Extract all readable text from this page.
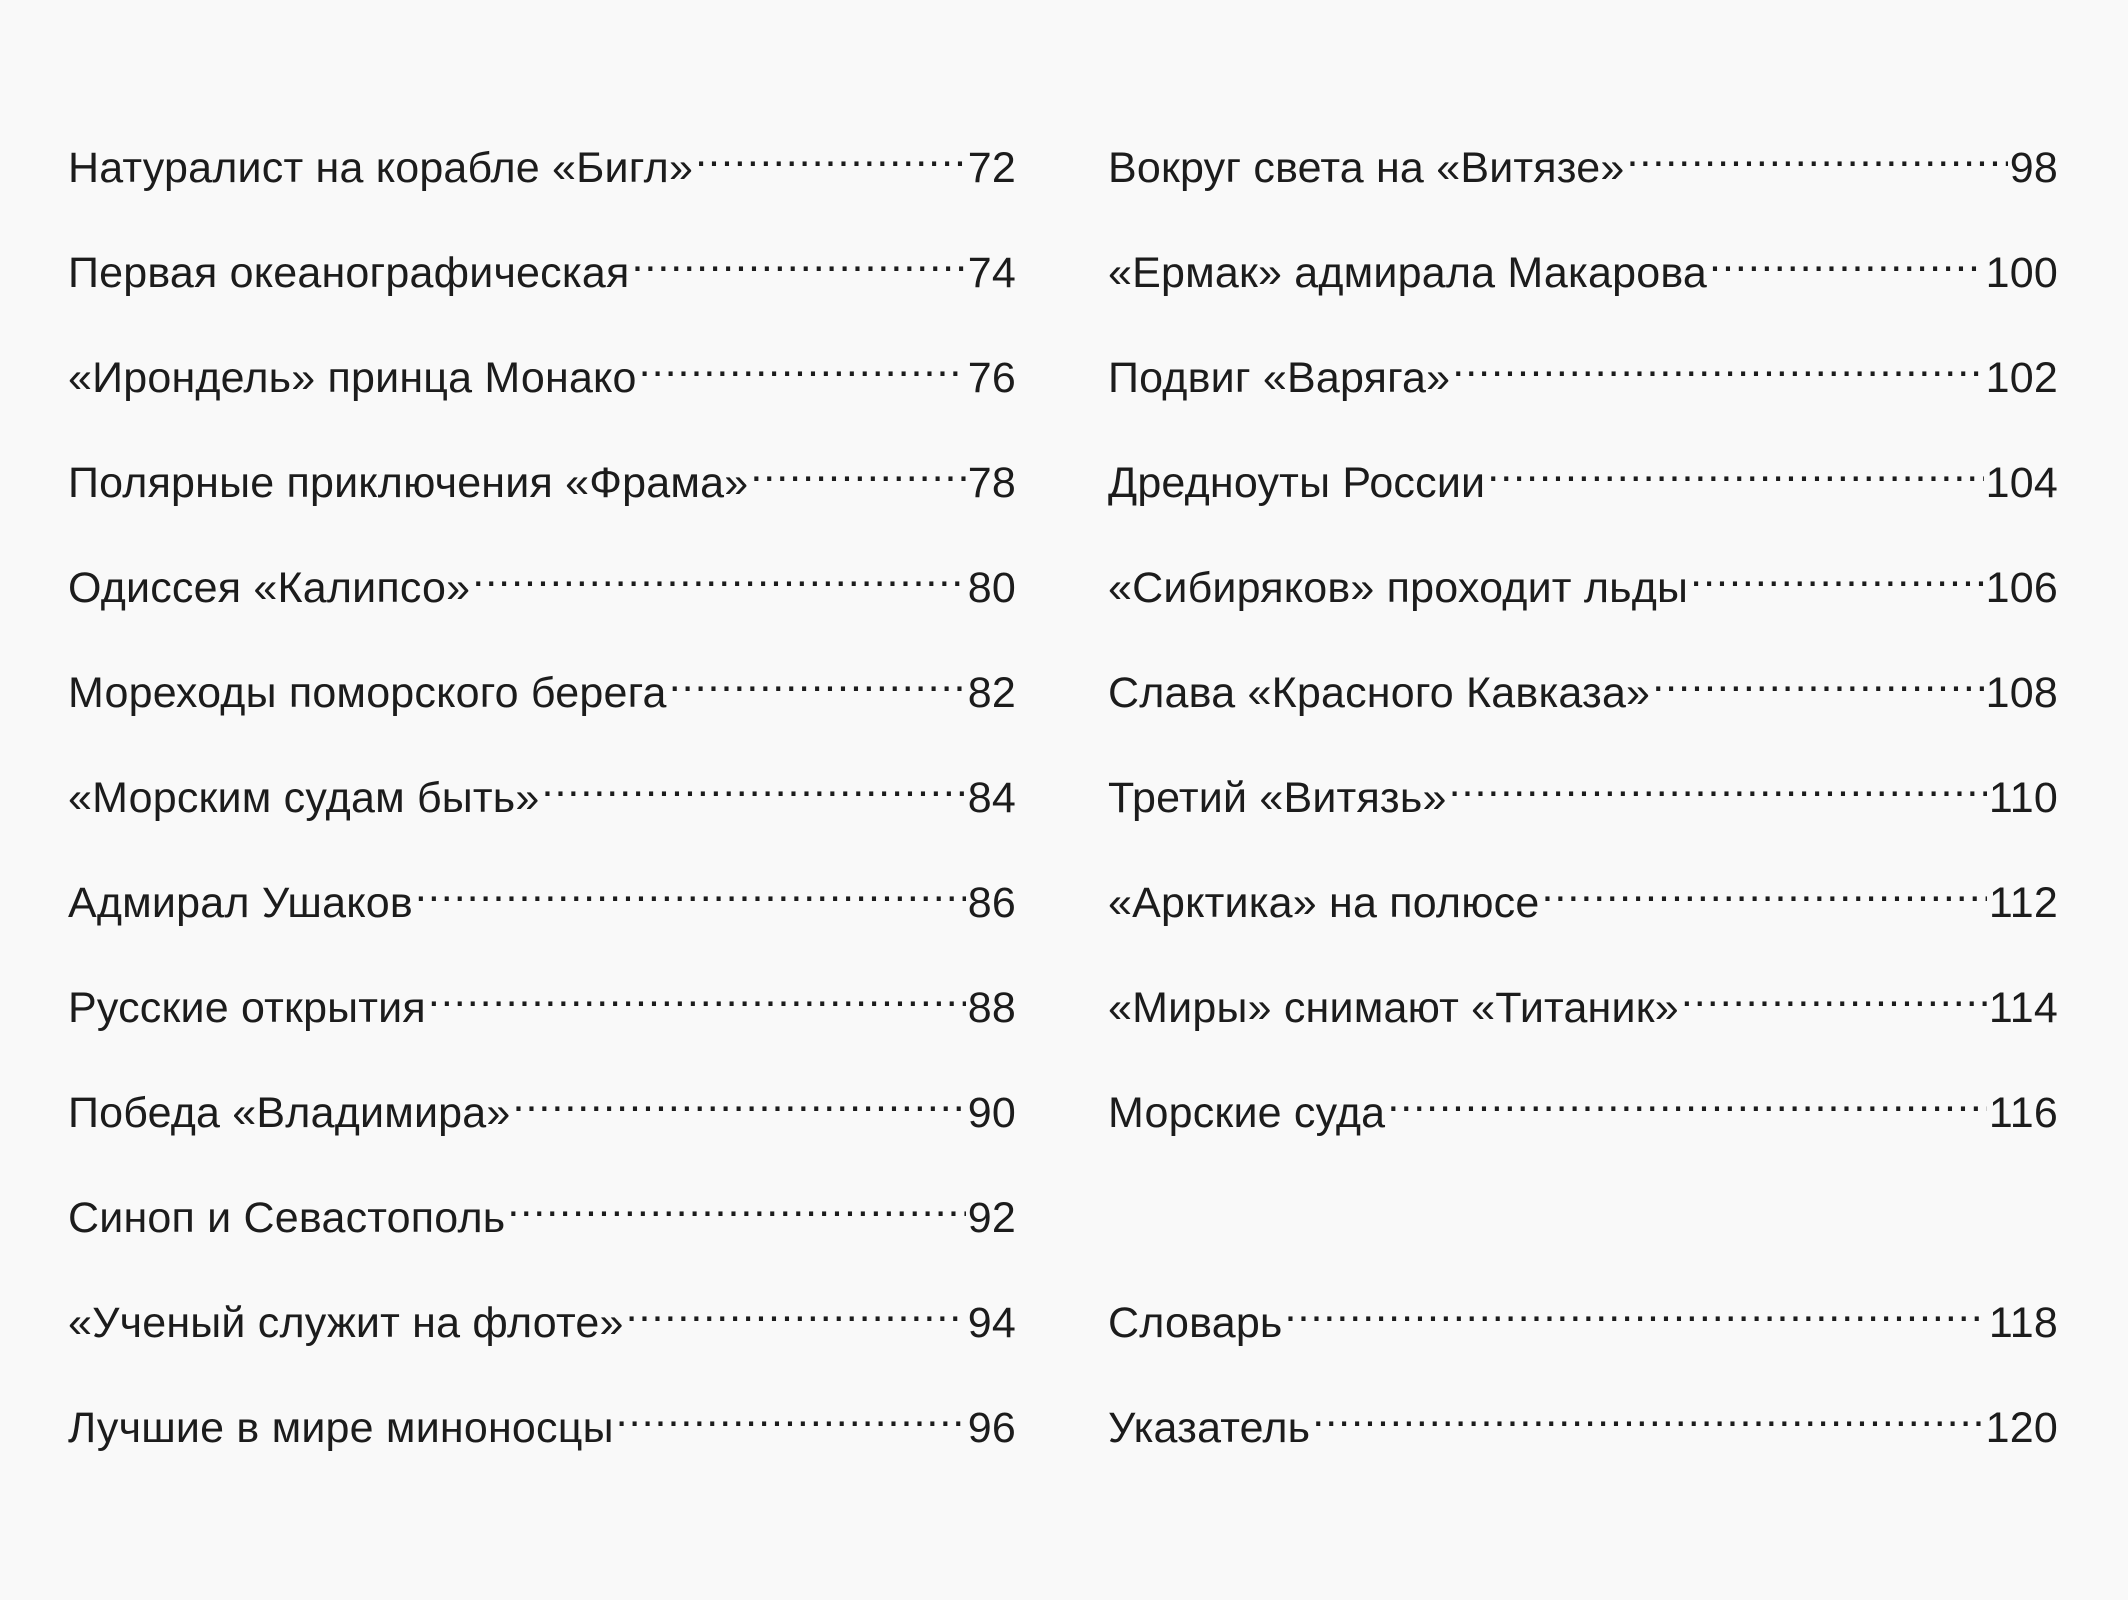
Натуралист на корабле «Бигл» .....	72
Первая океанографическая .....	74
«Ирондель» принца Монако .....	76
Полярные приключения «Фрама» .....	78
Одиссея «Калипсо» .....	80
Мореходы поморского берега .....	82
«Морским судам быть» .....	84
Адмирал Ушаков .....	86
Русские открытия .....	88
Победа «Владимира» .....	90
Синоп и Севастополь .....	92
«Ученый служит на флоте» .....	94
Лучшие в мире миноносцы .....	96
Вокруг света на «Витязе» .....	98
«Ермак» адмирала Макарова .....	100
Подвиг «Варяга» .....	102
Дредноуты России .....	104
«Сибиряков» проходит льды .....	106
Слава «Красного Кавказа» .....	108
Третий «Витязь» .....	110
«Арктика» на полюсе .....	112
«Миры» снимают «Титаник» .....	114
Морские суда .....	116
Словарь .....	118
Указатель .....	120
